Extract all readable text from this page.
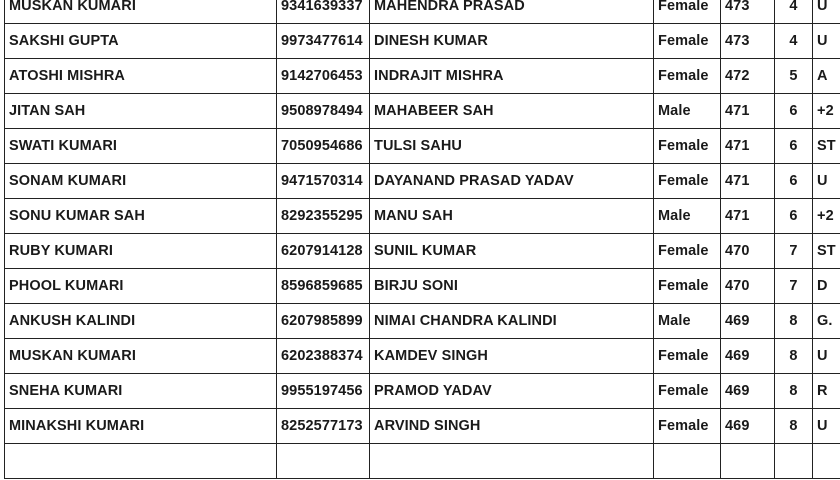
MUSKAN KUMARI	9341639337	MAHENDRA PRASAD	Female	473	4	U
SAKSHI GUPTA	9973477614	DINESH KUMAR	Female	473	4	U
ATOSHI MISHRA	9142706453	INDRAJIT MISHRA	Female	472	5	A
JITAN SAH	9508978494	MAHABEER SAH	Male	471	6	+2
SWATI KUMARI	7050954686	TULSI SAHU	Female	471	6	ST
SONAM KUMARI	9471570314	DAYANAND PRASAD YADAV	Female	471	6	U
SONU KUMAR SAH	8292355295	MANU SAH	Male	471	6	+2
RUBY KUMARI	6207914128	SUNIL KUMAR	Female	470	7	ST
PHOOL KUMARI	8596859685	BIRJU SONI	Female	470	7	D
ANKUSH KALINDI	6207985899	NIMAI CHANDRA KALINDI	Male	469	8	G.
MUSKAN KUMARI	6202388374	KAMDEV SINGH	Female	469	8	U
SNEHA KUMARI	9955197456	PRAMOD YADAV	Female	469	8	R
MINAKSHI KUMARI	8252577173	ARVIND SINGH	Female	469	8	U
